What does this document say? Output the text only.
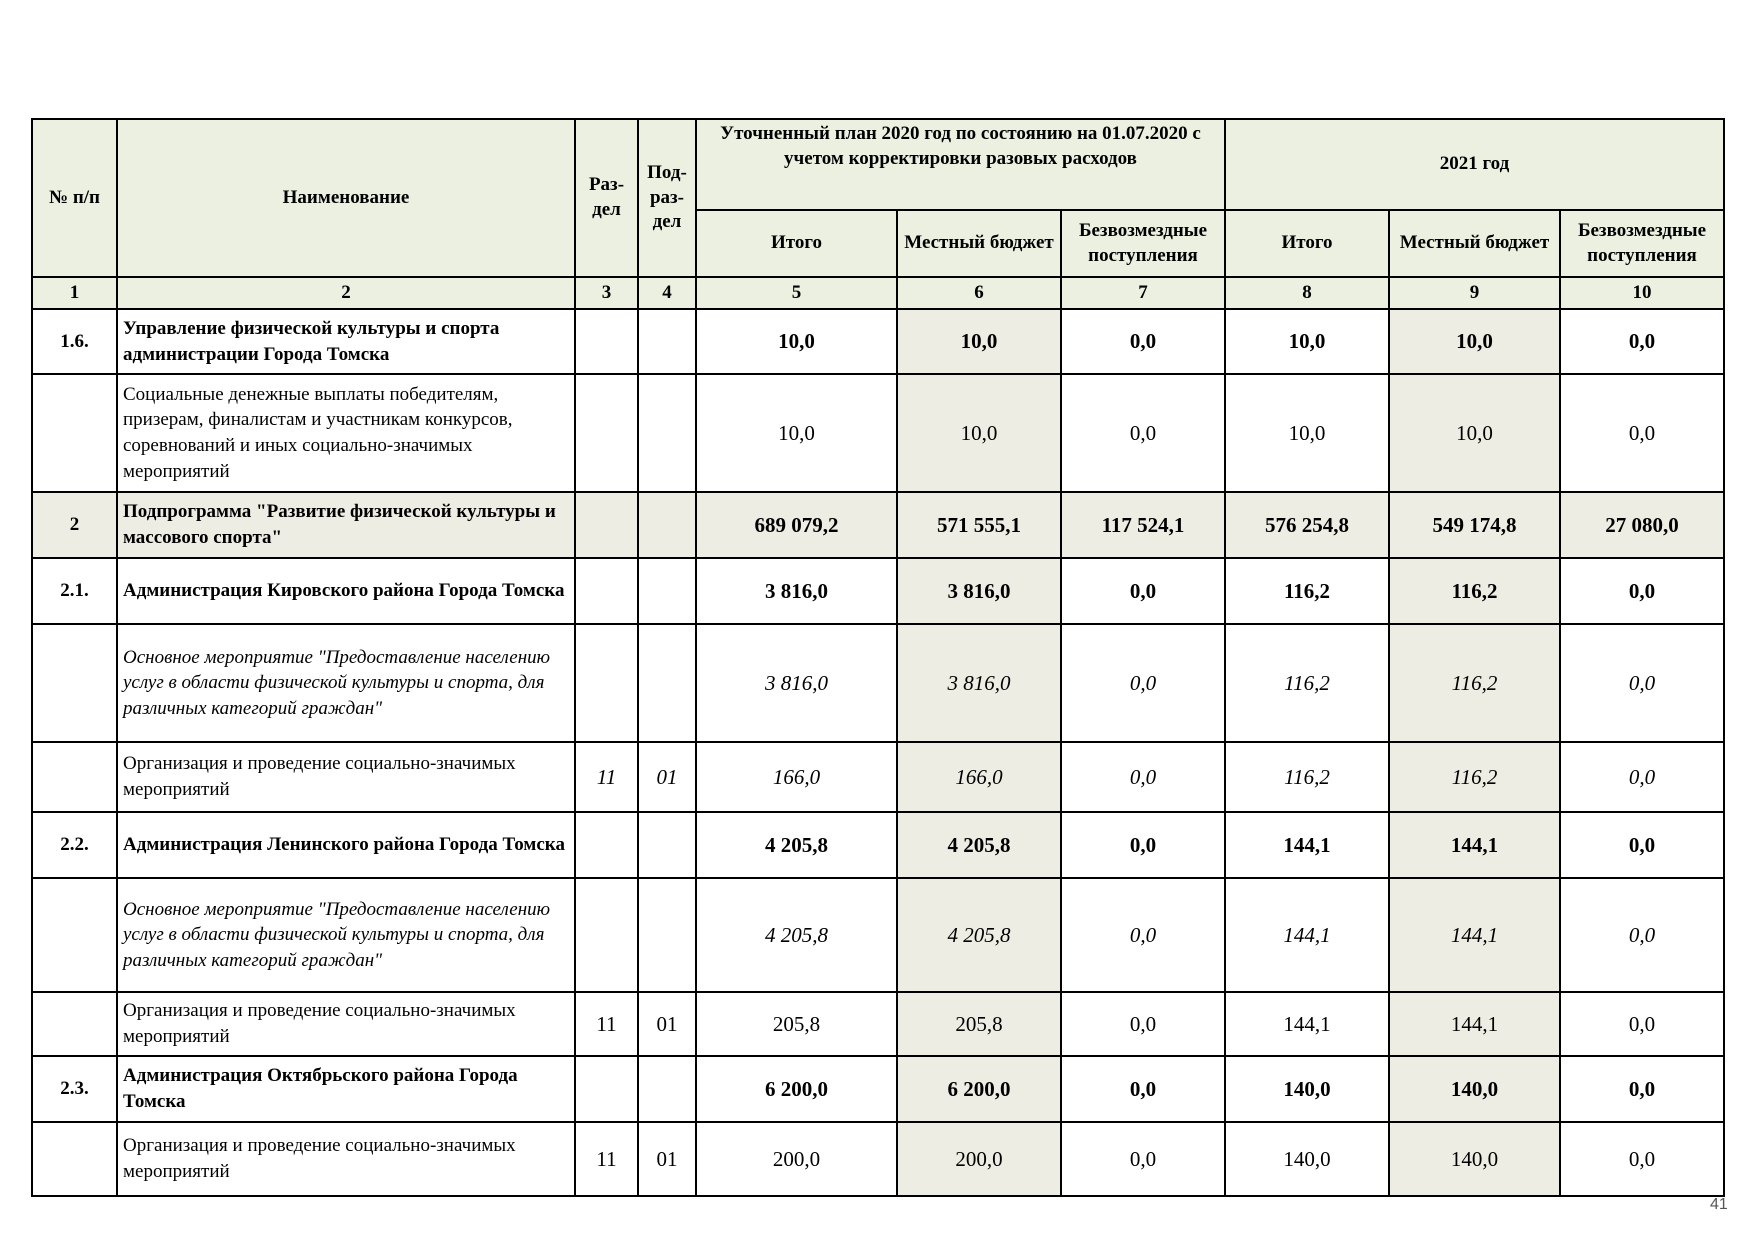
№ п/п	Наименование	Раз-дел	Под-раз-дел	Уточненный план 2020 год по состоянию на 01.07.2020 с учетом корректировки разовых расходов			2021 год		
				Итого	Местный бюджет	Безвозмездные поступления	Итого	Местный бюджет	Безвозмездные поступления
1	2	3	4	5	6	7	8	9	10
1.6.	Управление физической культуры и спорта администрации Города Томска			10,0	10,0	0,0	10,0	10,0	0,0
	Социальные денежные выплаты победителям, призерам, финалистам и участникам конкурсов, соревнований и иных социально-значимых мероприятий			10,0	10,0	0,0	10,0	10,0	0,0
2	Подпрограмма "Развитие физической культуры и массового спорта"			689 079,2	571 555,1	117 524,1	576 254,8	549 174,8	27 080,0
2.1.	Администрация Кировского района Города Томска			3 816,0	3 816,0	0,0	116,2	116,2	0,0
	Основное мероприятие "Предоставление населению услуг в области физической культуры и спорта, для различных категорий граждан"			3 816,0	3 816,0	0,0	116,2	116,2	0,0
	Организация и проведение социально-значимых мероприятий	11	01	166,0	166,0	0,0	116,2	116,2	0,0
2.2.	Администрация Ленинского района Города Томска			4 205,8	4 205,8	0,0	144,1	144,1	0,0
	Основное мероприятие "Предоставление населению услуг в области физической культуры и спорта, для различных категорий граждан"			4 205,8	4 205,8	0,0	144,1	144,1	0,0
	Организация и проведение социально-значимых мероприятий	11	01	205,8	205,8	0,0	144,1	144,1	0,0
2.3.	Администрация Октябрьского района Города Томска			6 200,0	6 200,0	0,0	140,0	140,0	0,0
	Организация и проведение социально-значимых мероприятий	11	01	200,0	200,0	0,0	140,0	140,0	0,0
41
